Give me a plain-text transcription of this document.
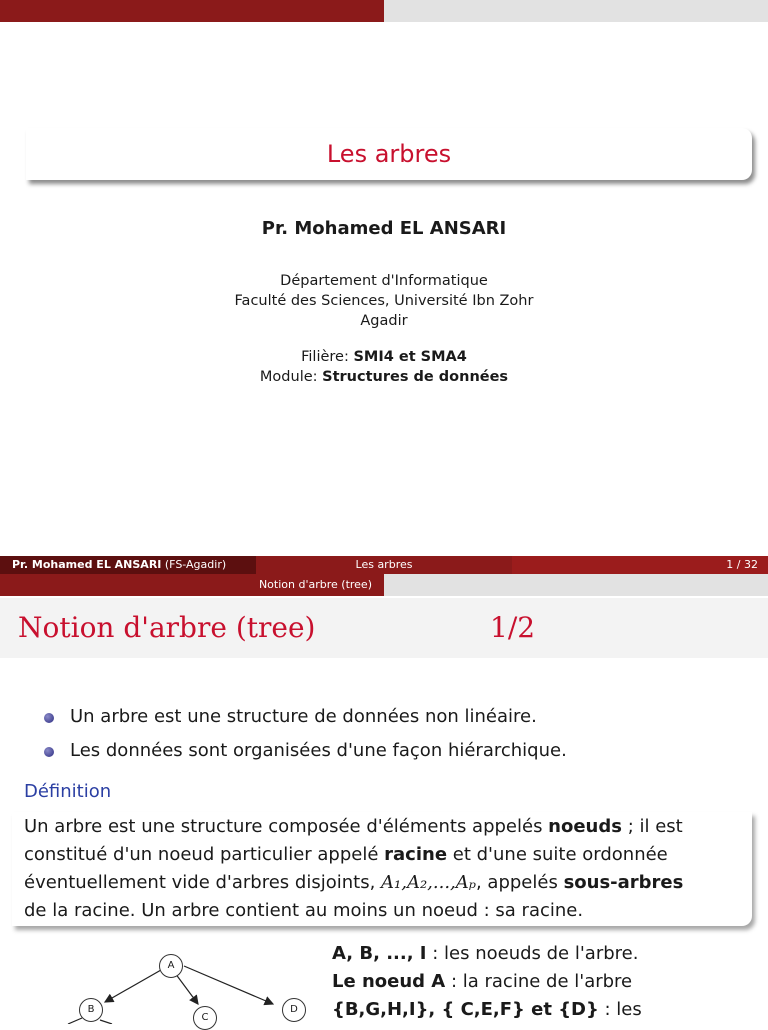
Les arbres
Pr. Mohamed EL ANSARI
Département d'Informatique
Faculté des Sciences, Université Ibn Zohr
Agadir
Filière: SMI4 et SMA4
Module: Structures de données
Pr. Mohamed EL ANSARI (FS-Agadir)	Les arbres	1 / 32
Notion d'arbre (tree)
Notion d'arbre (tree)	1/2
Un arbre est une structure de données non linéaire.
Les données sont organisées d'une façon hiérarchique.
Définition
Un arbre est une structure composée d'éléments appelés noeuds ; il est
constitué d'un noeud particulier appelé racine et d'une suite ordonnée
éventuellement vide d'arbres disjoints, A₁,A₂,...,Aₚ, appelés sous-arbres
de la racine. Un arbre contient au moins un noeud : sa racine.
A
B
C
D
A, B, ..., I : les noeuds de l'arbre.
Le noeud A : la racine de l'arbre
{B,G,H,I}, { C,E,F} et {D} : les
